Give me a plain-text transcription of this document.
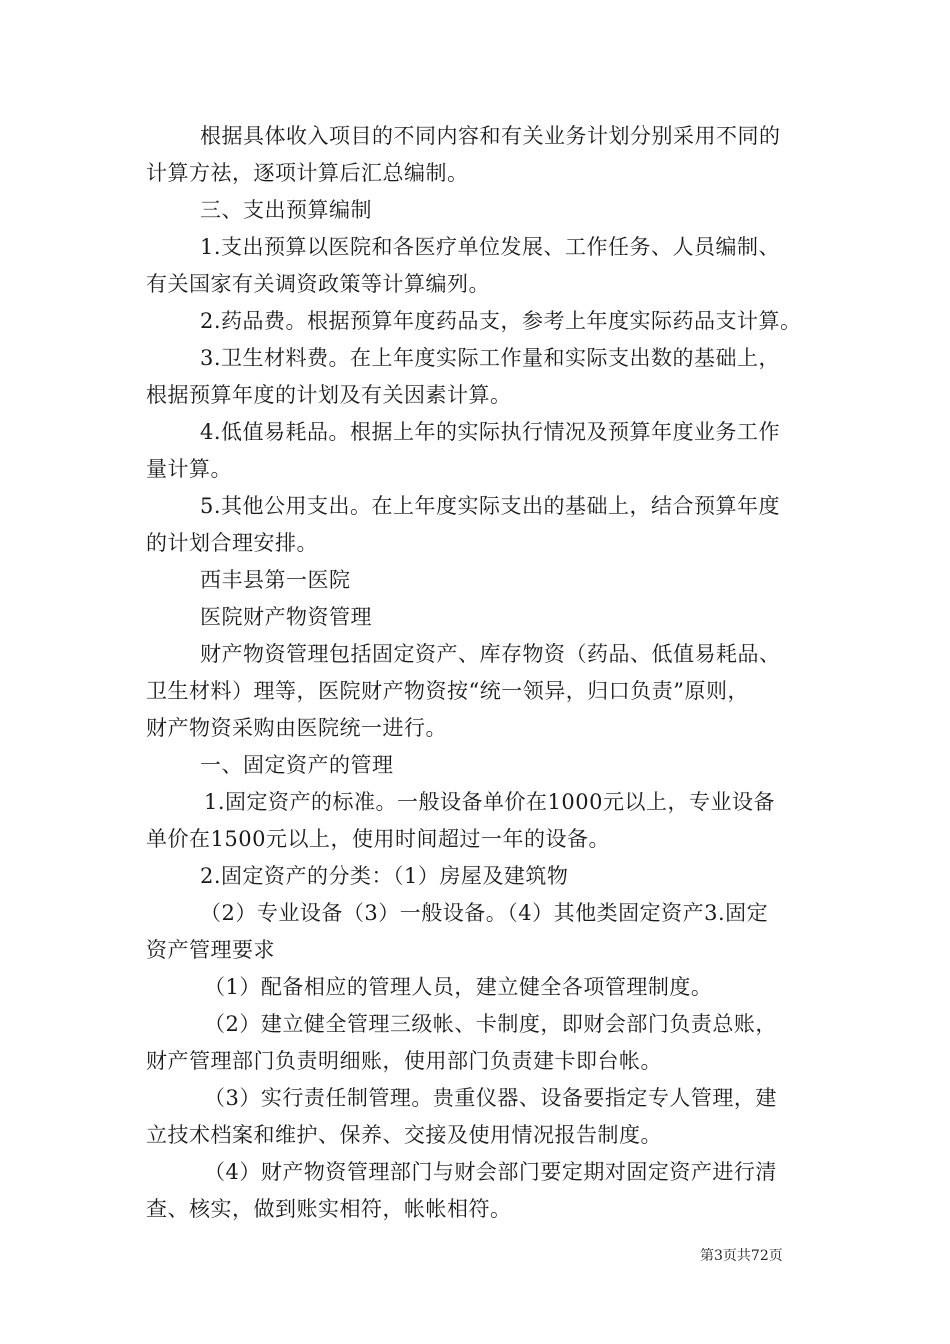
根据具体收入项目的不同内容和有关业务计划分别采用不同的
计算方祛，逐项计算后汇总编制。
三、支出预算编制
1.支出预算以医院和各医疗单位发展、工作任务、人员编制、
有关国家有关调资政策等计算编列。
2.药品费。根据预算年度药品支，参考上年度实际药品支计算。
3.卫生材料费。在上年度实际工作量和实际支出数的基础上，
根据预算年度的计划及有关因素计算。
4.低值易耗品。根据上年的实际执行情况及预算年度业务工作
量计算。
5.其他公用支出。在上年度实际支出的基础上，结合预算年度
的计划合理安排。
西丰县第一医院
医院财产物资管理
财产物资管理包括固定资产、库存物资（药品、低值易耗品、
卫生材料）理等，医院财产物资按“统一领异，归口负责”原则，
财产物资采购由医院统一进行。
一、固定资产的管理
1.固定资产的标准。一般设备单价在1000元以上，专业设备
单价在1500元以上，使用时间超过一年的设备。
2.固定资产的分类：（1）房屋及建筑物
（2）专业设备（3）一般设备。（4）其他类固定资产3.固定
资产管理要求
（1）配备相应的管理人员，建立健全各项管理制度。
（2）建立健全管理三级帐、卡制度，即财会部门负责总账，
财产管理部门负责明细账，使用部门负责建卡即台帐。
（3）实行责任制管理。贵重仪器、设备要指定专人管理，建
立技术档案和维护、保养、交接及使用情况报告制度。
（4）财产物资管理部门与财会部门要定期对固定资产进行清
查、核实，做到账实相符，帐帐相符。
第3页共72页
